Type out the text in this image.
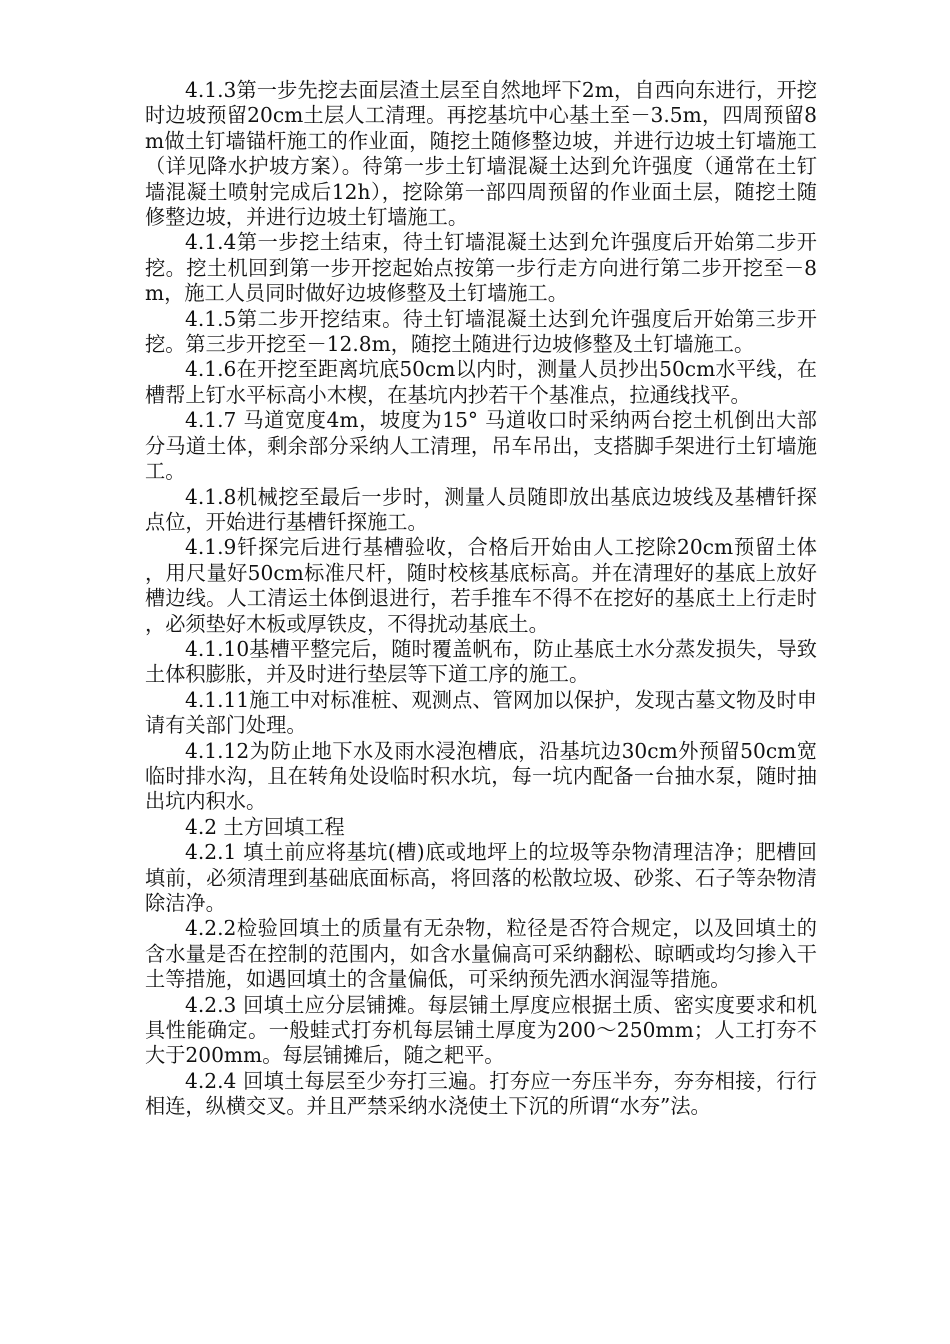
4.1.3第一步先挖去面层渣土层至自然地坪下2m，自西向东进行，开挖时边坡预留20cm土层人工清理。再挖基坑中心基土至－3.5m，四周预留8m做土钉墙锚杆施工的作业面，随挖土随修整边坡，并进行边坡土钉墙施工（详见降水护坡方案）。待第一步土钉墙混凝土达到允许强度（通常在土钉墙混凝土喷射完成后12h），挖除第一部四周预留的作业面土层，随挖土随修整边坡，并进行边坡土钉墙施工。

4.1.4第一步挖土结束，待土钉墙混凝土达到允许强度后开始第二步开挖。挖土机回到第一步开挖起始点按第一步行走方向进行第二步开挖至－8m，施工人员同时做好边坡修整及土钉墙施工。

4.1.5第二步开挖结束。待土钉墙混凝土达到允许强度后开始第三步开挖。第三步开挖至－12.8m，随挖土随进行边坡修整及土钉墙施工。

4.1.6在开挖至距离坑底50cm以内时，测量人员抄出50cm水平线，在槽帮上钉水平标高小木楔，在基坑内抄若干个基准点，拉通线找平。

4.1.7 马道宽度4m，坡度为15° 马道收口时采纳两台挖土机倒出大部分马道土体，剩余部分采纳人工清理，吊车吊出，支搭脚手架进行土钉墙施工。

4.1.8机械挖至最后一步时，测量人员随即放出基底边坡线及基槽钎探点位，开始进行基槽钎探施工。

4.1.9钎探完后进行基槽验收，合格后开始由人工挖除20cm预留土体，用尺量好50cm标准尺杆，随时校核基底标高。并在清理好的基底上放好槽边线。人工清运土体倒退进行，若手推车不得不在挖好的基底土上行走时，必须垫好木板或厚铁皮，不得扰动基底土。

4.1.10基槽平整完后，随时覆盖帆布，防止基底土水分蒸发损失，导致土体积膨胀，并及时进行垫层等下道工序的施工。

4.1.11施工中对标准桩、观测点、管网加以保护，发现古墓文物及时申请有关部门处理。

4.1.12为防止地下水及雨水浸泡槽底，沿基坑边30cm外预留50cm宽临时排水沟，且在转角处设临时积水坑，每一坑内配备一台抽水泵，随时抽出坑内积水。

4.2 土方回填工程

4.2.1 填土前应将基坑(槽)底或地坪上的垃圾等杂物清理洁净；肥槽回填前，必须清理到基础底面标高，将回落的松散垃圾、砂浆、石子等杂物清除洁净。

4.2.2检验回填土的质量有无杂物，粒径是否符合规定，以及回填土的含水量是否在控制的范围内，如含水量偏高可采纳翻松、晾晒或均匀掺入干土等措施，如遇回填土的含量偏低，可采纳预先洒水润湿等措施。

4.2.3 回填土应分层铺摊。每层铺土厚度应根据土质、密实度要求和机具性能确定。一般蛙式打夯机每层铺土厚度为200～250mm；人工打夯不大于200mm。每层铺摊后，随之耙平。

4.2.4 回填土每层至少夯打三遍。打夯应一夯压半夯，夯夯相接，行行相连，纵横交叉。并且严禁采纳水浇使土下沉的所谓“水夯”法。
